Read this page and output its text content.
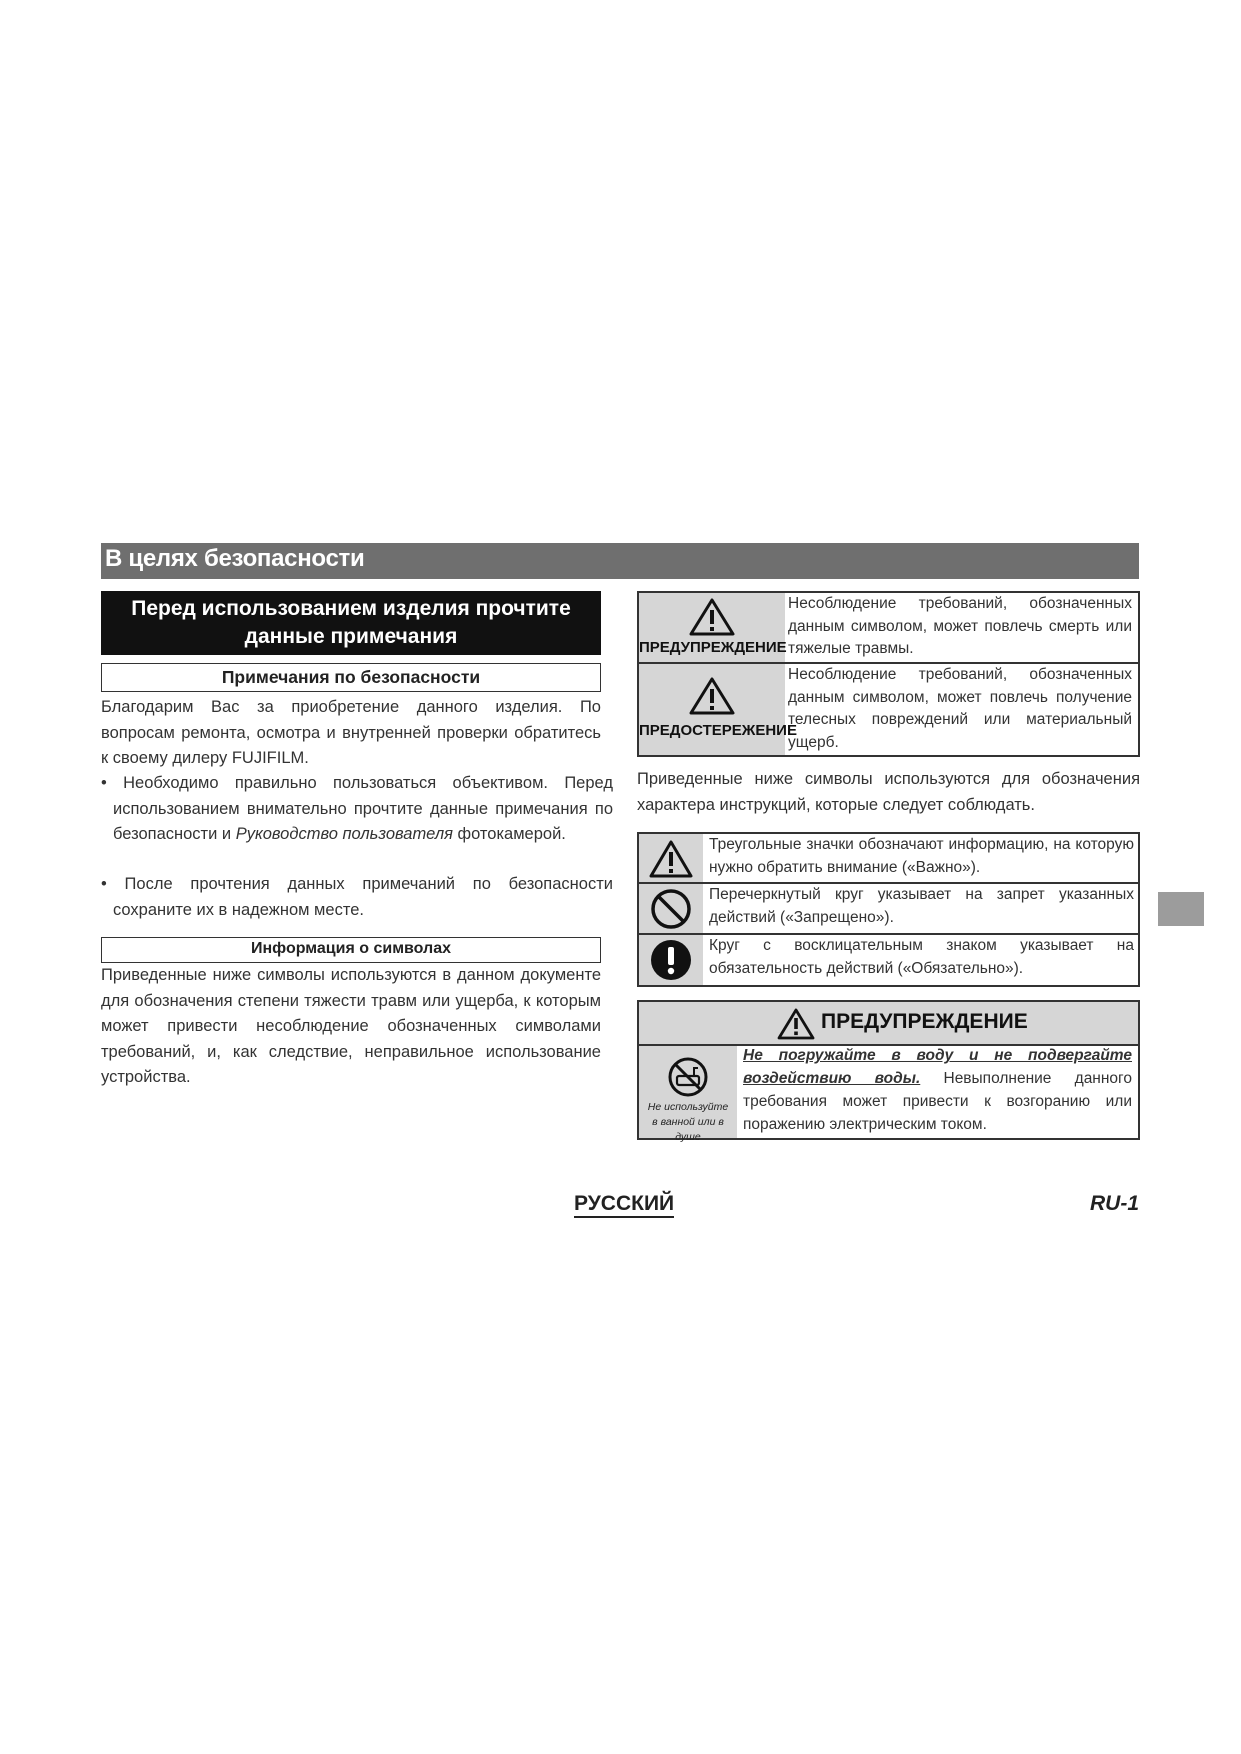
В целях безопасности
Перед использованием изделия прочтите данные примечания
Примечания по безопасности
Благодарим Вас за приобретение данного изделия. По вопросам ремонта, осмотра и внутренней проверки обратитесь к своему дилеру FUJIFILM.
• Необходимо правильно пользоваться объективом. Перед использованием внимательно прочтите данные примечания по безопасности и Руководство пользователя фотокамерой.
• После прочтения данных примечаний по безопасности сохраните их в надежном месте.
Информация о символах
Приведенные ниже символы используются в данном документе для обозначения степени тяжести травм или ущерба, к которым может привести несоблюдение обозначенных символами требований, и, как следствие, неправильное использование устройства.
ПРЕДУПРЕЖДЕНИЕ
Несоблюдение требований, обозначенных данным символом, может повлечь смерть или тяжелые травмы.
ПРЕДОСТЕРЕЖЕНИЕ
Несоблюдение требований, обозначенных данным символом, может повлечь получение телесных повреждений или материальный ущерб.
Приведенные ниже символы используются для обозначения характера инструкций, которые следует соблюдать.
Треугольные значки обозначают информацию, на которую нужно обратить внимание («Важно»).
Перечеркнутый круг указывает на запрет указанных действий («Запрещено»).
Круг с восклицательным знаком указывает на обязательность действий («Обязательно»).
ПРЕДУПРЕЖДЕНИЕ
Не используйте в ванной или в душе
Не погружайте в воду и не подвергайте воздействию воды. Невыполнение данного требования может привести к возгоранию или поражению электрическим током.
РУССКИЙ	RU-1
